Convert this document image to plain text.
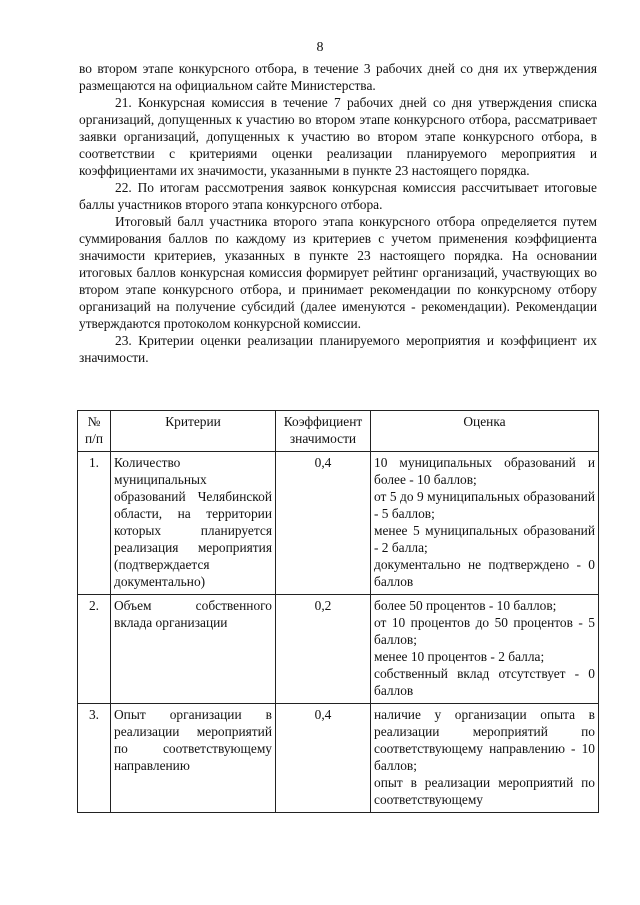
8

во втором этапе конкурсного отбора, в течение 3 рабочих дней со дня их утверждения размещаются на официальном сайте Министерства.

21. Конкурсная комиссия в течение 7 рабочих дней со дня утверждения списка организаций, допущенных к участию во втором этапе конкурсного отбора, рассматривает заявки организаций, допущенных к участию во втором этапе конкурсного отбора, в соответствии с критериями оценки реализации планируемого мероприятия и коэффициентами их значимости, указанными в пункте 23 настоящего порядка.

22. По итогам рассмотрения заявок конкурсная комиссия рассчитывает итоговые баллы участников второго этапа конкурсного отбора.

Итоговый балл участника второго этапа конкурсного отбора определяется путем суммирования баллов по каждому из критериев с учетом применения коэффициента значимости критериев, указанных в пункте 23 настоящего порядка. На основании итоговых баллов конкурсная комиссия формирует рейтинг организаций, участвующих во втором этапе конкурсного отбора, и принимает рекомендации по конкурсному отбору организаций на получение субсидий (далее именуются - рекомендации). Рекомендации утверждаются протоколом конкурсной комиссии.

23. Критерии оценки реализации планируемого мероприятия и коэффициент их значимости.

№ п/п	Критерии	Коэффициент значимости	Оценка
1.	Количество муниципальных образований Челябинской области, на территории которых планируется реализация мероприятия (подтверждается документально)	0,4	10 муниципальных образований и более - 10 баллов;
от 5 до 9 муниципальных образований - 5 баллов;
менее 5 муниципальных образований - 2 балла;
документально не подтверждено - 0 баллов

2.	Объем собственного вклада организации	0,2	более 50 процентов - 10 баллов;
от 10 процентов до 50 процентов - 5 баллов;
менее 10 процентов - 2 балла;
собственный вклад отсутствует - 0 баллов

3.	Опыт организации в реализации мероприятий по соответствующему направлению	0,4	наличие у организации опыта в реализации мероприятий по соответствующему направлению - 10 баллов;
опыт в реализации мероприятий по соответствующему
